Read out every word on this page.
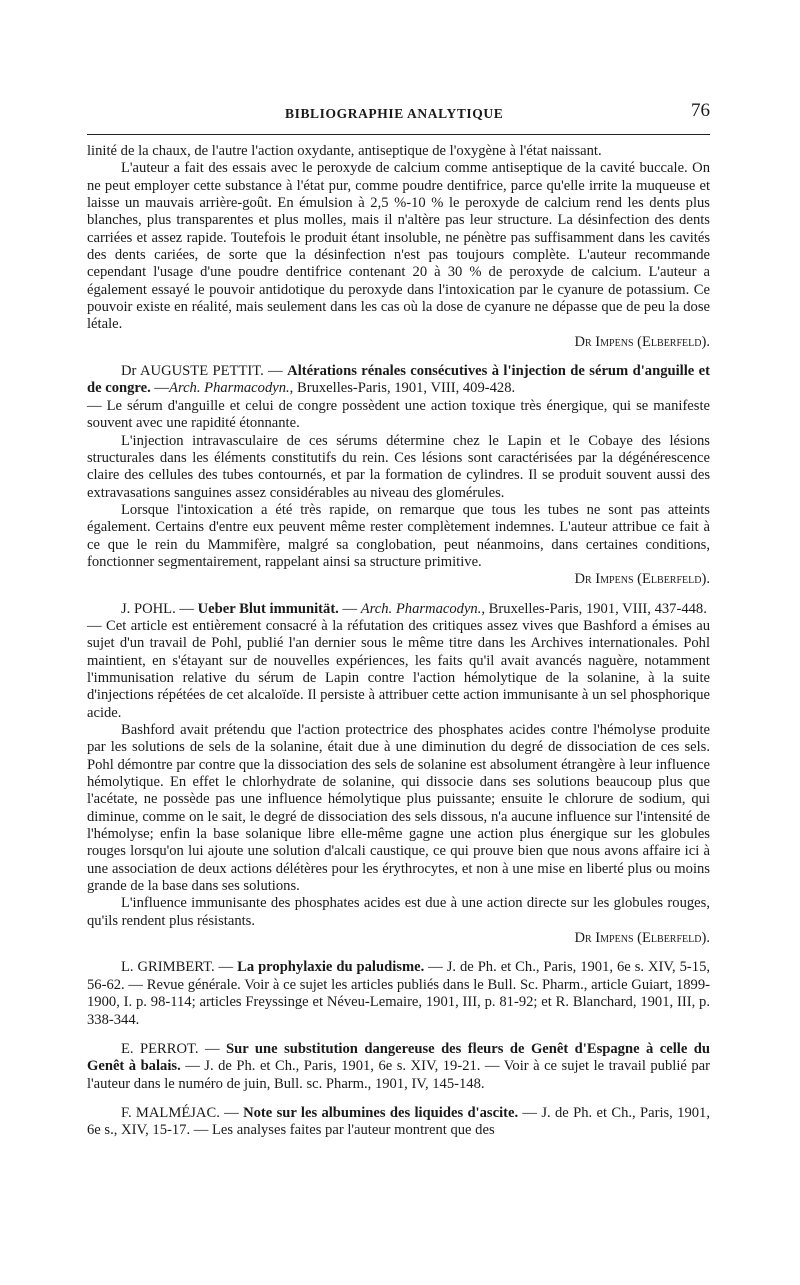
BIBLIOGRAPHIE ANALYTIQUE	76

linité de la chaux, de l'autre l'action oxydante, antiseptique de l'oxygène à l'état naissant.

L'auteur a fait des essais avec le peroxyde de calcium comme antiseptique de la cavité buccale. On ne peut employer cette substance à l'état pur, comme poudre dentifrice, parce qu'elle irrite la muqueuse et laisse un mauvais arrière-goût. En émulsion à 2,5 %-10 % le peroxyde de calcium rend les dents plus blanches, plus transparentes et plus molles, mais il n'altère pas leur structure. La désinfection des dents carriées et assez rapide. Toutefois le produit étant insoluble, ne pénètre pas suffisamment dans les cavités des dents cariées, de sorte que la désinfection n'est pas toujours complète. L'auteur recommande cependant l'usage d'une poudre dentifrice contenant 20 à 30 % de peroxyde de calcium. L'auteur a également essayé le pouvoir antidotique du peroxyde dans l'intoxication par le cyanure de potassium. Ce pouvoir existe en réalité, mais seulement dans les cas où la dose de cyanure ne dépasse que de peu la dose létale.

Dr Impens (Elberfeld).

Dr AUGUSTE PETTIT. — Altérations rénales consécutives à l'injection de sérum d'anguille et de congre. —Arch. Pharmacodyn., Bruxelles-Paris, 1901, VIII, 409-428.

— Le sérum d'anguille et celui de congre possèdent une action toxique très énergique, qui se manifeste souvent avec une rapidité étonnante.

L'injection intravasculaire de ces sérums détermine chez le Lapin et le Cobaye des lésions structurales dans les éléments constitutifs du rein. Ces lésions sont caractérisées par la dégénérescence claire des cellules des tubes contournés, et par la formation de cylindres. Il se produit souvent aussi des extravasations sanguines assez considérables au niveau des glomérules.

Lorsque l'intoxication a été très rapide, on remarque que tous les tubes ne sont pas atteints également. Certains d'entre eux peuvent même rester complètement indemnes. L'auteur attribue ce fait à ce que le rein du Mammifère, malgré sa conglobation, peut néanmoins, dans certaines conditions, fonctionner segmentairement, rappelant ainsi sa structure primitive.

Dr Impens (Elberfeld).

J. POHL. — Ueber Blut immunität. — Arch. Pharmacodyn., Bruxelles-Paris, 1901, VIII, 437-448.

— Cet article est entièrement consacré à la réfutation des critiques assez vives que Bashford a émises au sujet d'un travail de Pohl, publié l'an dernier sous le même titre dans les Archives internationales. Pohl maintient, en s'étayant sur de nouvelles expériences, les faits qu'il avait avancés naguère, notamment l'immunisation relative du sérum de Lapin contre l'action hémolytique de la solanine, à la suite d'injections répétées de cet alcaloïde. Il persiste à attribuer cette action immunisante à un sel phosphorique acide.

Bashford avait prétendu que l'action protectrice des phosphates acides contre l'hémolyse produite par les solutions de sels de la solanine, était due à une diminution du degré de dissociation de ces sels. Pohl démontre par contre que la dissociation des sels de solanine est absolument étrangère à leur influence hémolytique. En effet le chlorhydrate de solanine, qui dissocie dans ses solutions beaucoup plus que l'acétate, ne possède pas une influence hémolytique plus puissante; ensuite le chlorure de sodium, qui diminue, comme on le sait, le degré de dissociation des sels dissous, n'a aucune influence sur l'intensité de l'hémolyse; enfin la base solanique libre elle-même gagne une action plus énergique sur les globules rouges lorsqu'on lui ajoute une solution d'alcali caustique, ce qui prouve bien que nous avons affaire ici à une association de deux actions délétères pour les érythrocytes, et non à une mise en liberté plus ou moins grande de la base dans ses solutions.

L'influence immunisante des phosphates acides est due à une action directe sur les globules rouges, qu'ils rendent plus résistants.

Dr Impens (Elberfeld).

L. GRIMBERT. — La prophylaxie du paludisme. — J. de Ph. et Ch., Paris, 1901, 6e s. XIV, 5-15, 56-62. — Revue générale. Voir à ce sujet les articles publiés dans le Bull. Sc. Pharm., article Guiart, 1899-1900, I. p. 98-114; articles Freyssinge et Néveu-Lemaire, 1901, III, p. 81-92; et R. Blanchard, 1901, III, p. 338-344.

E. PERROT. — Sur une substitution dangereuse des fleurs de Genêt d'Espagne à celle du Genêt à balais. — J. de Ph. et Ch., Paris, 1901, 6e s. XIV, 19-21. — Voir à ce sujet le travail publié par l'auteur dans le numéro de juin, Bull. sc. Pharm., 1901, IV, 145-148.

F. MALMÉJAC. — Note sur les albumines des liquides d'ascite. — J. de Ph. et Ch., Paris, 1901, 6e s., XIV, 15-17. — Les analyses faites par l'auteur montrent que des
